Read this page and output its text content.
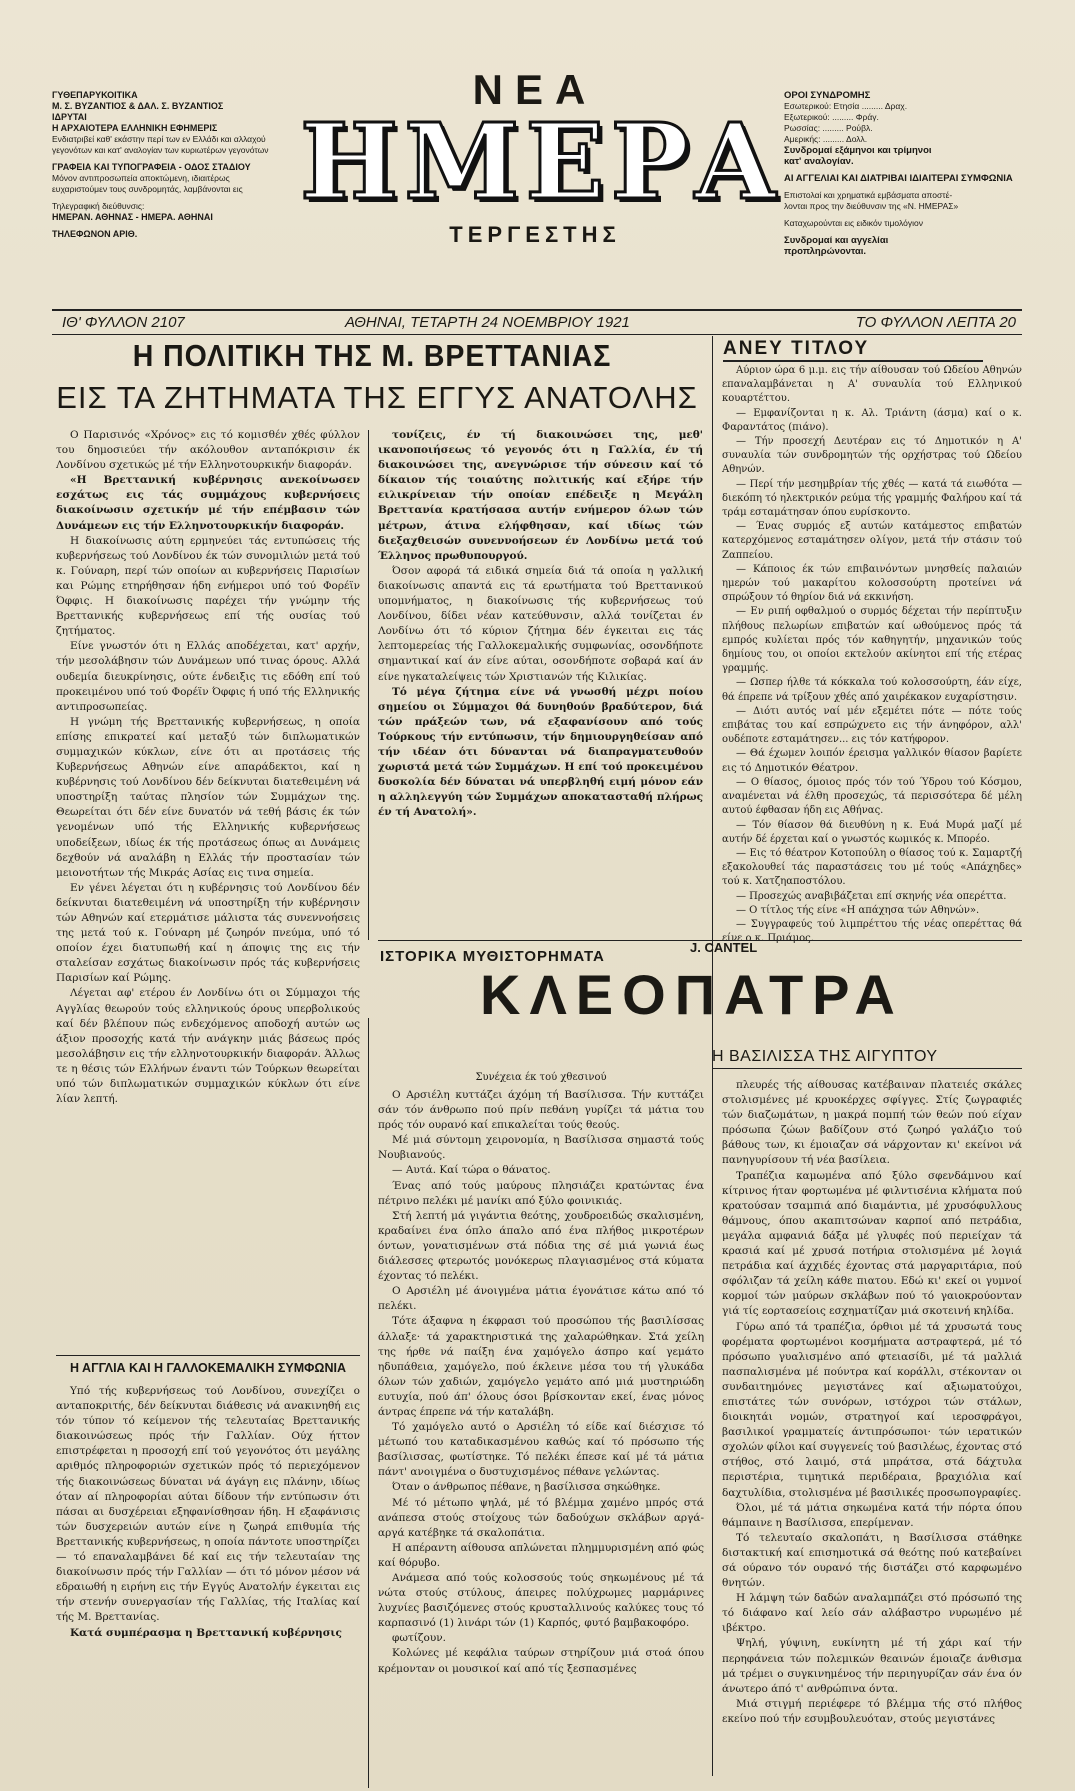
ΓΥΘΕΠΑΡΥΚΟΙΤΙΚΑ
Μ. Σ. ΒΥΖΑΝΤΙΟΣ & ΔΑΛ. Σ. ΒΥΖΑΝΤΙΟΣ
ΙΔΡΥΤΑΙ
Η ΑΡΧΑΙΟΤΕΡΑ ΕΛΛΗΝΙΚΗ ΕΦΗΜΕΡΙΣ
Ενδιατριβεί καθ' εκάστην περί των εν Ελλάδι και αλλαχού
γεγονότων και κατ' αναλογίαν των κυριωτέρων γεγονότων
ΓΡΑΦΕΙΑ ΚΑΙ ΤΥΠΟΓΡΑΦΕΙΑ - ΟΔΟΣ ΣΤΑΔΙΟΥ
Μόνον αντιπροσωπεία αποκτώμενη, ιδιαιτέρως
ευχαριστούμεν τους συνδρομητάς, λαμβάνονται εις
Τηλεγραφική διεύθυνσις:
ΗΜΕΡΑΝ. ΑΘΗΝΑΣ - ΗΜΕΡΑ. ΑΘΗΝΑΙ
ΤΗΛΕΦΩΝΟΝ ΑΡΙΘ.
ΝΕΑ
ΗΜΕΡΑ
ΤΕΡΓΕΣΤΗΣ
ΟΡΟΙ ΣΥΝΔΡΟΜΗΣ
Εσωτερικού: Ετησία ......... Δραχ.
Εξωτερικού: ......... Φράγ.
Ρωσσίας: ......... Ρούβλ.
Αμερικής: ......... Δολλ.
Συνδρομαί εξάμηνοι και τρίμηνοι
κατ' αναλογίαν.
ΑΙ ΑΓΓΕΛΙΑΙ ΚΑΙ ΔΙΑΤΡΙΒΑΙ ΙΔΙΑΙΤΕΡΑΙ ΣΥΜΦΩΝΙΑ
Επιστολαί και χρηματικά εμβάσματα αποστέ-
λονται προς την διεύθυνσιν της «Ν. ΗΜΕΡΑΣ»
Καταχωρούνται εις ειδικόν τιμολόγιον
Συνδρομαί και αγγελίαι
προπληρώνονται.
ΙΘ' ΦΥΛΛΟΝ 2107	ΑΘΗΝΑΙ, ΤΕΤΑΡΤΗ 24 ΝΟΕΜΒΡΙΟΥ 1921	ΤΟ ΦΥΛΛΟΝ ΛΕΠΤΑ 20
Η ΠΟΛΙΤΙΚΗ ΤΗΣ Μ. ΒΡΕΤΤΑΝΙΑΣ
ΕΙΣ ΤΑ ΖΗΤΗΜΑΤΑ ΤΗΣ ΕΓΓΥΣ ΑΝΑΤΟΛΗΣ

Ο Παρισινός «Χρόνος» εις τό κομισθέν χθές φύλλον του δημοσιεύει τήν ακόλουθον ανταπόκρισιν έκ Λονδίνου σχετικώς μέ τήν Ελληνοτουρκικήν διαφοράν.

«Η Βρεττανική κυβέρνησις ανεκοίνωσεν εσχάτως εις τάς συμμάχους κυβερνήσεις διακοίνωσιν σχετικήν μέ τήν επέμβασιν τών Δυνάμεων εις τήν Ελληνοτουρκικήν διαφοράν.

Η διακοίνωσις αύτη ερμηνεύει τάς εντυπώσεις τής κυβερνήσεως τού Λονδίνου έκ τών συνομιλιών μετά τού κ. Γούναρη, περί τών οποίων αι κυβερνήσεις Παρισίων και Ρώμης ετηρήθησαν ήδη ενήμεροι υπό τού Φορέϊν Όφφις. Η διακοίνωσις παρέχει τήν γνώμην τής Βρεττανικής κυβερνήσεως επί τής ουσίας τού ζητήματος.

Είνε γνωστόν ότι η Ελλάς αποδέχεται, κατ' αρχήν, τήν μεσολάβησιν τών Δυνάμεων υπό τινας όρους. Αλλά ουδεμία διευκρίνησις, ούτε ένδειξις τις εδόθη επί τού προκειμένου υπό τού Φορέϊν Όφφις ή υπό τής Ελληνικής αντιπροσωπείας.

Η γνώμη τής Βρεττανικής κυβερνήσεως, η οποία επίσης επικρατεί καί μεταξύ τών διπλωματικών συμμαχικών κύκλων, είνε ότι αι προτάσεις τής Κυβερνήσεως Αθηνών είνε απαράδεκτοι, καί η κυβέρνησις τού Λονδίνου δέν δείκνυται διατεθειμένη νά υποστηρίξη ταύτας πλησίον τών Συμμάχων της. Θεωρείται ότι δέν είνε δυνατόν νά τεθή βάσις έκ τών γενομένων υπό τής Ελληνικής κυβερνήσεως υποδείξεων, ιδίως έκ τής προτάσεως όπως αι Δυνάμεις δεχθούν νά αναλάβη η Ελλάς τήν προστασίαν τών μειονοτήτων τής Μικράς Ασίας εις τινα σημεία.

Εν γένει λέγεται ότι η κυβέρνησις τού Λονδίνου δέν δείκνυται διατεθειμένη νά υποστηρίξη τήν κυβέρνησιν τών Αθηνών καί ετερμάτισε μάλιστα τάς συνεννοήσεις της μετά τού κ. Γούναρη μέ ζωηρόν πνεύμα, υπό τό οποίον έχει διατυπωθή καί η άποψις της εις τήν σταλείσαν εσχάτως διακοίνωσιν πρός τάς κυβερνήσεις Παρισίων καί Ρώμης.

Λέγεται αφ' ετέρου έν Λονδίνω ότι οι Σύμμαχοι τής Αγγλίας θεωρούν τούς ελληνικούς όρους υπερβολικούς καί δέν βλέπουν πώς ενδεχόμενος αποδοχή αυτών ως άξιον προσοχής κατά τήν ανάγκην μιάς βάσεως πρός μεσολάβησιν εις τήν ελληνοτουρκικήν διαφοράν. Άλλως τε η θέσις τών Ελλήνων έναντι τών Τούρκων θεωρείται υπό τών διπλωματικών συμμαχικών κύκλων ότι είνε λίαν λεπτή.

τονίζεις, έν τή διακοινώσει της, μεθ' ικανοποιήσεως τό γεγονός ότι η Γαλλία, έν τή διακοινώσει της, ανεγνώρισε τήν σύνεσιν καί τό δίκαιον τής τοιαύτης πολιτικής καί εξήρε τήν ειλικρίνειαν τήν οποίαν επέδειξε η Μεγάλη Βρεττανία κρατήσασα αυτήν ενήμερον όλων τών μέτρων, άτινα ελήφθησαν, καί ιδίως τών διεξαχθεισών συνεννοήσεων έν Λονδίνω μετά τού Έλληνος πρωθυπουργού.

Όσον αφορά τά ειδικά σημεία διά τά οποία η γαλλική διακοίνωσις απαντά εις τά ερωτήματα τού Βρεττανικού υπομνήματος, η διακοίνωσις τής κυβερνήσεως τού Λονδίνου, δίδει νέαν κατεύθυνσιν, αλλά τονίζεται έν Λονδίνω ότι τό κύριον ζήτημα δέν έγκειται εις τάς λεπτομερείας τής Γαλλοκεμαλικής συμφωνίας, οσονδήποτε σημαντικαί καί άν είνε αύται, οσονδήποτε σοβαρά καί άν είνε ηγκαταλείψεις τών Χριστιανών τής Κιλικίας.

Τό μέγα ζήτημα είνε νά γνωσθή μέχρι ποίου σημείου οι Σύμμαχοι θά δυνηθούν βραδύτερον, διά τών πράξεών των, νά εξαφανίσουν από τούς Τούρκους τήν εντύπωσιν, τήν δημιουργηθείσαν από τήν ιδέαν ότι δύνανται νά διαπραγματευθούν χωριστά μετά τών Συμμάχων. Η επί τού προκειμένου δυσκολία δέν δύναται νά υπερβληθή ειμή μόνον εάν η αλληλεγγύη τών Συμμάχων αποκατασταθή πλήρως έν τή Ανατολή».

Η ΑΓΓΛΙΑ ΚΑΙ Η ΓΑΛΛΟΚΕΜΑΛΙΚΗ ΣΥΜΦΩΝΙΑ

Υπό τής κυβερνήσεως τού Λονδίνου, συνεχίζει ο ανταποκριτής, δέν δείκνυται διάθεσις νά ανακινηθή εις τόν τύπον τό κείμενον τής τελευταίας Βρεττανικής διακοινώσεως πρός τήν Γαλλίαν. Ούχ ήττον επιστρέφεται η προσοχή επί τού γεγονότος ότι μεγάλης αριθμός πληροφοριών σχετικών πρός τό περιεχόμενον τής διακοινώσεως δύναται νά άγάγη εις πλάνην, ιδίως όταν αί πληροφορίαι αύται δίδουν τήν εντύπωσιν ότι πάσαι αι δυσχέρειαι εξηφανίσθησαν ήδη. Η εξαφάνισις τών δυσχερειών αυτών είνε η ζωηρά επιθυμία τής Βρεττανικής κυβερνήσεως, η οποία πάντοτε υποστηρίζει — τό επαναλαμβάνει δέ καί εις τήν τελευταίαν της διακοίνωσιν πρός τήν Γαλλίαν — ότι τό μόνον μέσον νά εδραιωθή η ειρήνη εις τήν Εγγύς Ανατολήν έγκειται εις τήν στενήν συνεργασίαν τής Γαλλίας, τής Ιταλίας καί τής Μ. Βρεττανίας.

Κατά συμπέρασμα η Βρεττανική κυβέρνησις

ΑΝΕΥ ΤΙΤΛΟΥ

Αύριον ώρα 6 μ.μ. εις τήν αίθουσαν τού Ωδείου Αθηνών επαναλαμβάνεται η Α' συναυλία τού Ελληνικού κουαρτέττου.

— Εμφανίζονται η κ. Αλ. Τριάντη (άσμα) καί ο κ. Φαραντάτος (πιάνο).

— Τήν προσεχή Δευτέραν εις τό Δημοτικόν η Α' συναυλία τών συνδρομητών τής ορχήστρας τού Ωδείου Αθηνών.

— Περί τήν μεσημβρίαν τής χθές — κατά τά ειωθότα — διεκόπη τό ηλεκτρικόν ρεύμα τής γραμμής Φαλήρου καί τά τράμ εσταμάτησαν όπου ευρίσκοντο.

— Ένας συρμός εξ αυτών κατάμεστος επιβατών κατερχόμενος εσταμάτησεν ολίγον, μετά τήν στάσιν τού Ζαππείου.

— Κάποιος έκ τών επιβαινόντων μνησθείς παλαιών ημερών τού μακαρίτου κολοσσούρτη προτείνει νά σπρώξουν τό θηρίον διά νά εκκινήση.

— Εν ριπή οφθαλμού ο συρμός δέχεται τήν περίπτυξιν πλήθους πελωρίων επιβατών καί ωθούμενος πρός τά εμπρός κυλίεται πρός τόν καθηγητήν, μηχανικών τούς δημίους του, οι οποίοι εκτελούν ακίνητοι επί τής ετέρας γραμμής.

— Ωσπερ ήλθε τά κόκκαλα τού κολοσσούρτη, έάν είχε, θά έπρεπε νά τρίξουν χθές από χαιρέκακον ευχαρίστησιν.

— Διότι αυτός ναί μέν εξεμέτει πότε — πότε τούς επιβάτας του καί εσπρώχνετο εις τήν άνηφόρον, αλλ' ουδέποτε εσταμάτησεν... εις τόν κατήφορον.

— Θά έχωμεν λοιπόν έρεισμα γαλλικόν θίασον βαρίετε εις τό Δημοτικόν Θέατρον.

— Ο θίασος, όμοιος πρός τόν τού Ύδρου τού Κόσμου, αναμένεται νά έλθη προσεχώς, τά περισσότερα δέ μέλη αυτού έφθασαν ήδη εις Αθήνας.

— Τόν θίασον θά διευθύνη η κ. Ευά Μυρά μαζί μέ αυτήν δέ έρχεται καί ο γνωστός κωμικός κ. Μπορέο.

— Εις τό θέατρον Κοτοπούλη ο θίασος τού κ. Σαμαρτζή εξακολουθεί τάς παραστάσεις του μέ τούς «Απάχηδες» τού κ. Χατζηαποστόλου.

— Προσεχώς αναβιβάζεται επί σκηνής νέα οπερέττα.

— Ο τίτλος τής είνε «Η απάχησα τών Αθηνών».

— Συγγραφεύς τού λιμπρέττου τής νέας οπερέττας θά είνε ο κ. Πριάμος.

ΙΣΤΟΡΙΚΑ ΜΥΘΙΣΤΟΡΗΜΑΤΑ
J. CANTEL
ΚΛΕΟΠΑΤΡΑ
Η ΒΑΣΙΛΙΣΣΑ ΤΗΣ ΑΙΓΥΠΤΟΥ
Συνέχεια έκ τού χθεσινού

Ο Αρσιέλη κυττάζει άχόμη τή Βασίλισσα. Τήν κυττάζει σάν τόν άνθρωπο πού πρίν πεθάνη γυρίζει τά μάτια του πρός τόν ουρανό καί επικαλείται τούς θεούς.

Μέ μιά σύντομη χειρονομία, η Βασίλισσα σημαστά τούς Νουβιανούς.

— Αυτά. Καί τώρα ο θάνατος.

Ένας από τούς μαύρους πλησιάζει κρατώντας ένα πέτρινο πελέκι μέ μανίκι από ξύλο φοινικιάς.

Στή λεπτή μά γιγάντια θεότης, χουδροειδώς σκαλισμένη, κραδαίνει ένα όπλο άπαλο από ένα πλήθος μικροτέρων όντων, γονατισμένων στά πόδια της σέ μιά γωνιά έως διάλεσσες φτερωτός μονόκερως πλαγιασμένος στά κύματα έχοντας τό πελέκι.

Ο Αρσιέλη μέ άνοιγμένα μάτια έγονάτισε κάτω από τό πελέκι.

Τότε άξαφνα η έκφρασι τού προσώπου τής βασιλίσσας άλλαξε· τά χαρακτηριστικά της χαλαρώθηκαν. Στά χείλη της ήρθε νά παίξη ένα χαμόγελο άσπρο καί γεμάτο ηδυπάθεια, χαμόγελο, πού έκλεινε μέσα του τή γλυκάδα όλων τών χαδιών, χαμόγελο γεμάτο από μιά μυστηριώδη ευτυχία, πού άπ' όλους όσοι βρίσκονταν εκεί, ένας μόνος άντρας έπρεπε νά τήν καταλάβη.

Τό χαμόγελο αυτό ο Αρσιέλη τό είδε καί διέσχισε τό μέτωπό του καταδικασμένου καθώς καί τό πρόσωπο τής βασίλισσας, φωτίστηκε. Τό πελέκι έπεσε καί μέ τά μάτια πάντ' ανοιγμένα ο δυστυχισμένος πέθανε γελώντας.

Όταν ο άνθρωπος πέθανε, η βασίλισσα σηκώθηκε.

Μέ τό μέτωπο ψηλά, μέ τό βλέμμα χαμένο μπρός στά ανάπεσα στούς στοίχους τών δαδούχων σκλάβων αργά-αργά κατέβηκε τά σκαλοπάτια.

Η απέραντη αίθουσα απλώνεται πλημμυρισμένη από φώς καί θόρυβο.

Ανάμεσα από τούς κολοσσούς τούς σηκωμένους μέ τά νώτα στούς στύλους, άπειρες πολύχρωμες μαρμάρινες λυχνίες βασιζόμενες στούς κρυσταλλινούς καλύκες τους τό καρπασινό (1) λινάρι τών (1) Καρπός, φυτό βαμβακοφόρο.

φωτίζουν.

Κολώνες μέ κεφάλια ταύρων στηρίζουν μιά στοά όπου κρέμονταν οι μουσικοί καί από τίς ξεσπασμένες

πλευρές τής αίθουσας κατέβαιναν πλατειές σκάλες στολισμένες μέ κρυοκέρχες σφίγγες. Στίς ζωγραφιές τών διαζωμάτων, η μακρά πομπή τών θεών πού είχαν πρόσωπα ζώων βαδίζουν στό ζωηρό γαλάζιο τού βάθους των, κι έμοιαζαν σά νάρχονταν κι' εκείνοι νά πανηγυρίσουν τή νέα βασίλεια.

Τραπέζια καμωμένα από ξύλο σφενδάμνου καί κίτρινος ήταν φορτωμένα μέ φιλντισένια κλήματα πού κρατούσαν τσαμπιά από διαμάντια, μέ χρυσόφυλλους θάμνους, όπου ακαπιτσώναν καρποί από πετράδια, μεγάλα αμφανιά δάξα μέ γλυφές πού περιείχαν τά κρασιά καί μέ χρυσά ποτήρια στολισμένα μέ λογιά πετράδια καί άχχιδές έχοντας στά μαργαριτάρια, πού σφόλιζαν τά χείλη κάθε πιατου. Εδώ κι' εκεί οι γυμνοί κορμοί τών μαύρων σκλάβων πού τό γαιοκρούονταν γιά τίς εορτασείοις εσχηματίζαν μιά σκοτεινή κηλίδα.

Γύρω από τά τραπέζια, όρθιοι μέ τά χρυσωτά τους φορέματα φορτωμένοι κοσμήματα αστραφτερά, μέ τό πρόσωπο γυαλισμένο από φτειασίδι, μέ τά μαλλιά πασπαλισμένα μέ πούντρα καί κοράλλι, στέκονταν οι συνδαιτημόνες μεγιστάνες καί αξιωματούχοι, επιστάτες τών συνόρων, ιστόχροι τών στάλων, διοικητάι νομών, στρατηγοί καί ιεροσφράγοι, βασιλικοί γραμματείς άντιπρόσωποι· τών ιερατικών σχολών φίλοι καί συγγενείς τού βασιλέως, έχοντας στό στήθος, στό λαιμό, στά μπράτσα, στά δάχτυλα περιστέρια, τιμητικά περιδέραια, βραχιόλια καί δαχτυλίδια, στολισμένα μέ βασιλικές προσωπογραφίες.

Όλοι, μέ τά μάτια σηκωμένα κατά τήν πόρτα όπου θάμπαινε η Βασίλισσα, επερίμεναν.

Τό τελευταίο σκαλοπάτι, η Βασίλισσα στάθηκε διστακτική καί επισημοτικά σά θεότης πού κατεβαίνει σά ούρανο τόν ουρανό τής διστάζει στό καρφωμένο θνητών.

Η λάμψη τών δαδών αναλαμπάζει στό πρόσωπό της τό διάφανο καί λείο σάν αλάβαστρο νυρωμένο μέ ιβέκτρο.

Ψηλή, γύψινη, ευκίνητη μέ τή χάρι καί τήν περηφάνεια τών πολεμικών θεαινών έμοιαζε άνθισμα μά τρέμει ο συγκινημένος τήν περιηγυρίζαν σάν ένα όν άνωτερο άπό τ' ανθρώπινα όντα.

Μιά στιγμή περιέφερε τό βλέμμα τής στό πλήθος εκείνο πού τήν εσυμβουλευόταν, στούς μεγιστάνες
